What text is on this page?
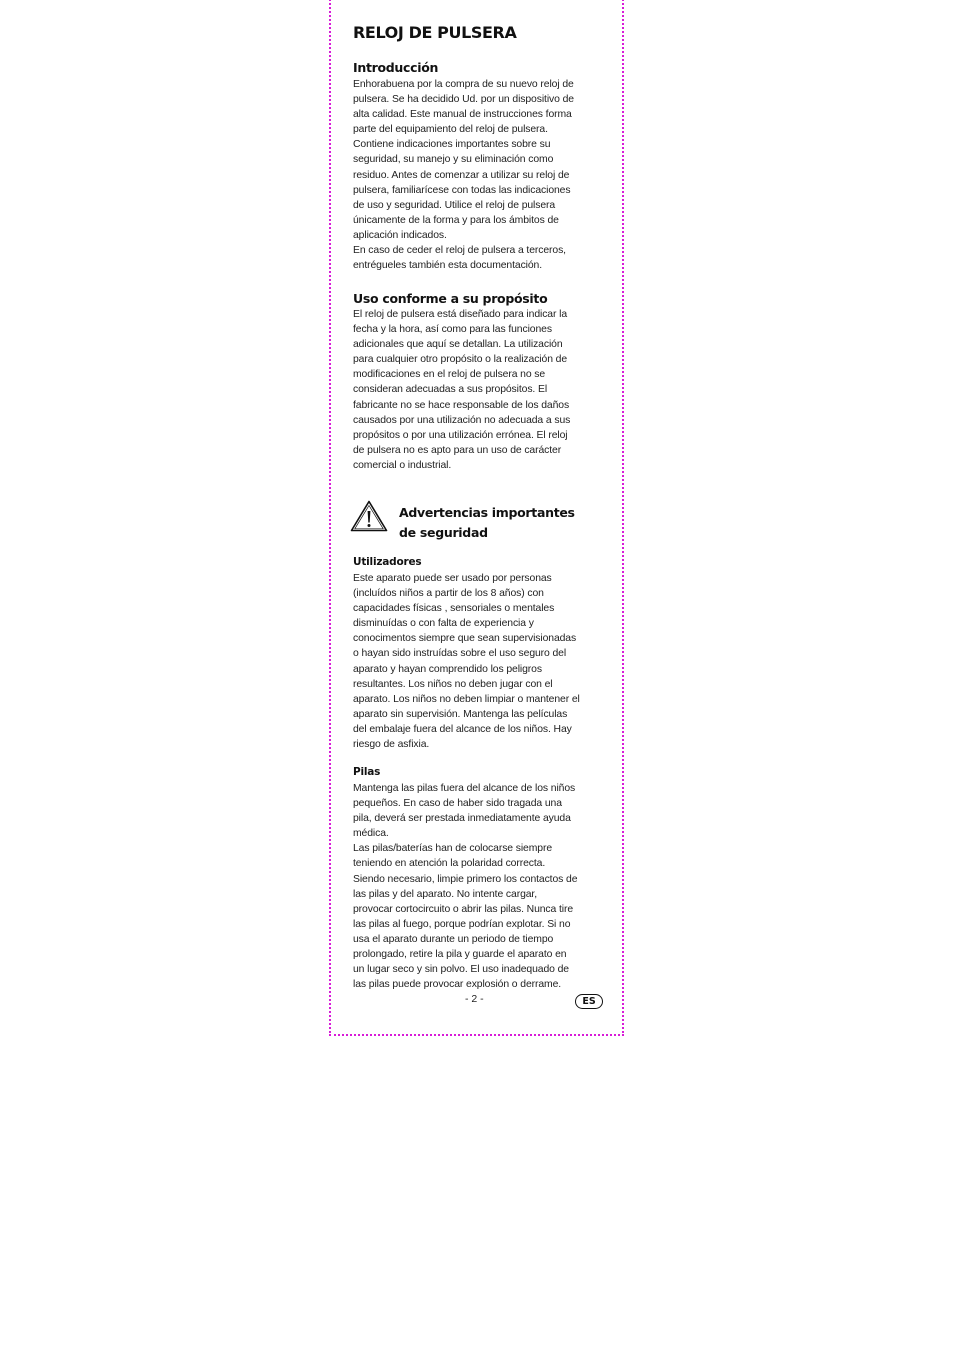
RELOJ DE PULSERA
Introducción

Enhorabuena por la compra de su nuevo reloj de
pulsera. Se ha decidido Ud. por un dispositivo de
alta calidad. Este manual de instrucciones forma
parte del equipamiento del reloj de pulsera.
Contiene indicaciones importantes sobre su
seguridad, su manejo y su eliminación como
residuo. Antes de comenzar a utilizar su reloj de
pulsera, familiarícese con todas las indicaciones
de uso y seguridad. Utilice el reloj de pulsera
únicamente de la forma y para los ámbitos de
aplicación indicados.
En caso de ceder el reloj de pulsera a terceros,
entrégueles también esta documentación.

Uso conforme a su propósito

El reloj de pulsera está diseñado para indicar la
fecha y la hora, así como para las funciones
adicionales que aquí se detallan. La utilización
para cualquier otro propósito o la realización de
modificaciones en el reloj de pulsera no se
consideran adecuadas a sus propósitos. El
fabricante no se hace responsable de los daños
causados por una utilización no adecuada a sus
propósitos o por una utilización errónea. El reloj
de pulsera no es apto para un uso de carácter
comercial o industrial.

Advertencias importantes
de seguridad
Utilizadores

Este aparato puede ser usado por personas
(incluídos niños a partir de los 8 años) con
capacidades físicas , sensoriales o mentales
disminuídas o con falta de experiencia y
conocimentos siempre que sean supervisionadas
o hayan sido instruídas sobre el uso seguro del
aparato y hayan comprendido los peligros
resultantes. Los niños no deben jugar con el
aparato. Los niños no deben limpiar o mantener el
aparato sin supervisión. Mantenga las películas
del embalaje fuera del alcance de los niños. Hay
riesgo de asfixia.

Pilas

Mantenga las pilas fuera del alcance de los niños
pequeños. En caso de haber sido tragada una
pila, deverá ser prestada inmediatamente ayuda
médica.
Las pilas/baterías han de colocarse siempre
teniendo en atención la polaridad correcta.
Siendo necesario, limpie primero los contactos de
las pilas y del aparato. No intente cargar,
provocar cortocircuito o abrir las pilas. Nunca tire
las pilas al fuego, porque podrían explotar. Si no
usa el aparato durante un periodo de tiempo
prolongado, retire la pila y guarde el aparato en
un lugar seco y sin polvo. El uso inadequado de
las pilas puede provocar explosión o derrame.

- 2 -	ES
